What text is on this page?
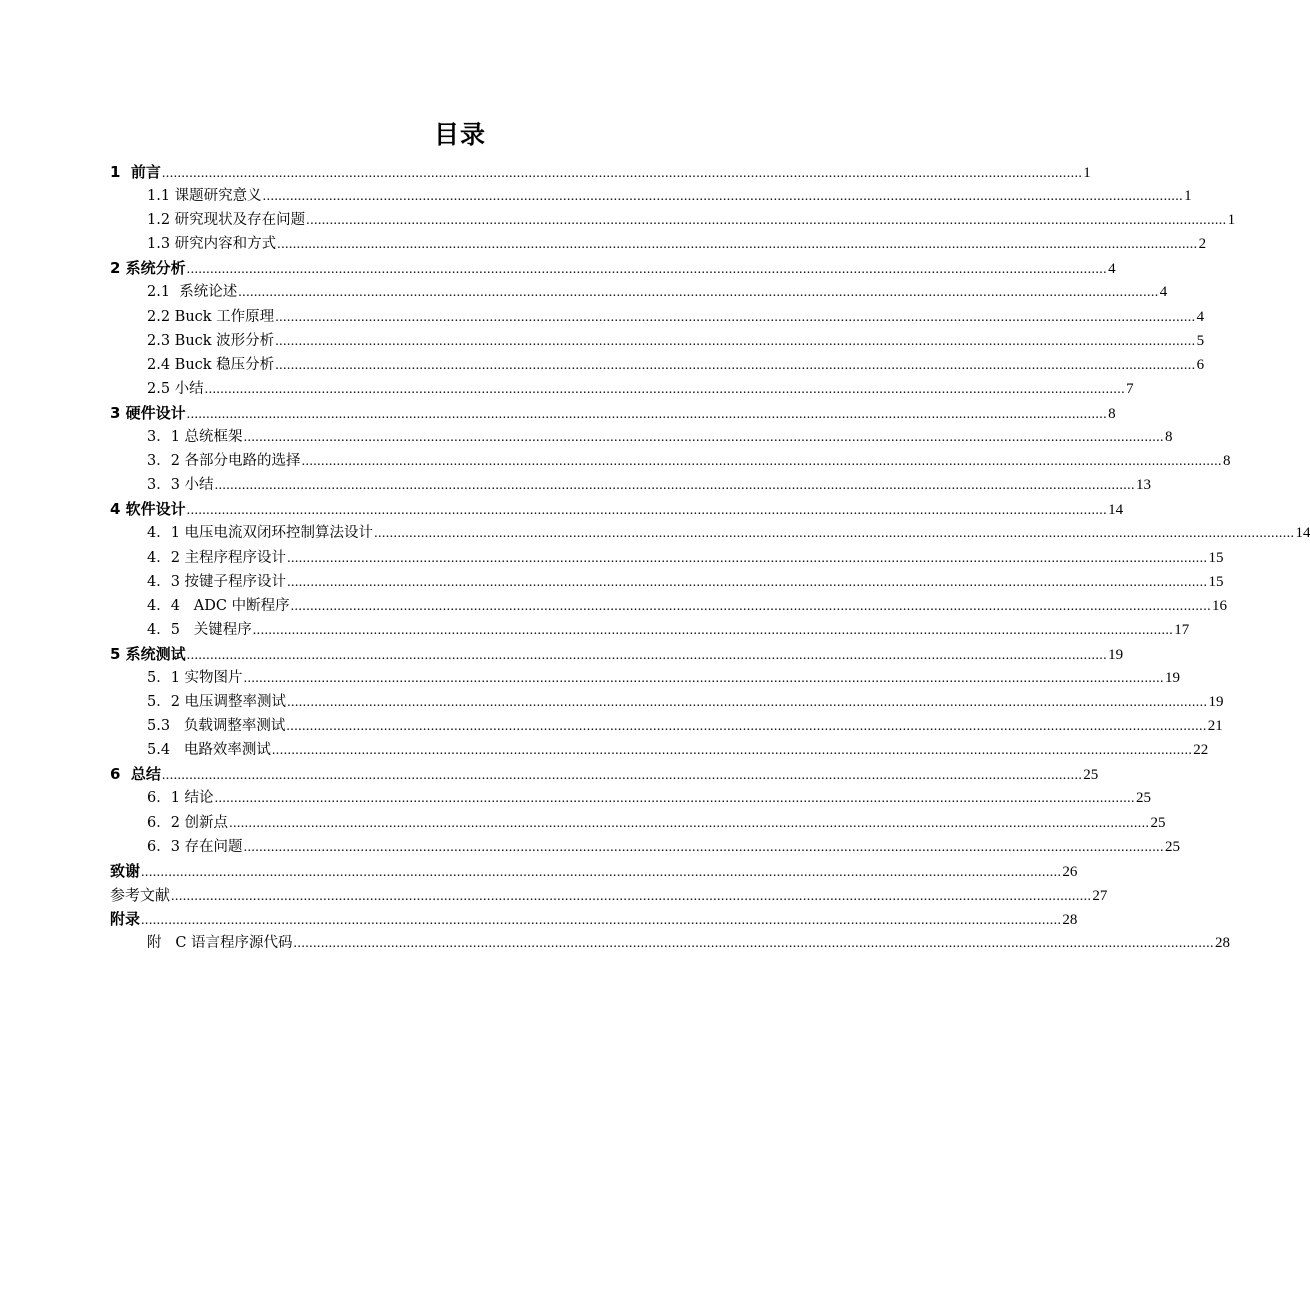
目录
1  前言 ............................................................................................................................................................................................................................................ 1
1.1 课题研究意义 ............................................................................................................................................................................................................................................ 1
1.2 研究现状及存在问题 ............................................................................................................................................................................................................................................ 1
1.3 研究内容和方式 ............................................................................................................................................................................................................................................ 2
2 系统分析 ............................................................................................................................................................................................................................................ 4
2.1  系统论述 ............................................................................................................................................................................................................................................ 4
2.2 Buck 工作原理 ............................................................................................................................................................................................................................................ 4
2.3 Buck 波形分析 ............................................................................................................................................................................................................................................ 5
2.4 Buck 稳压分析 ............................................................................................................................................................................................................................................ 6
2.5 小结 ............................................................................................................................................................................................................................................ 7
3 硬件设计 ............................................................................................................................................................................................................................................ 8
3．1 总统框架 ............................................................................................................................................................................................................................................ 8
3．2 各部分电路的选择 ............................................................................................................................................................................................................................................ 8
3．3 小结 ............................................................................................................................................................................................................................................ 13
4 软件设计 ............................................................................................................................................................................................................................................ 14
4．1 电压电流双闭环控制算法设计 ............................................................................................................................................................................................................................................ 14
4．2 主程序程序设计 ............................................................................................................................................................................................................................................ 15
4．3 按键子程序设计 ............................................................................................................................................................................................................................................ 15
4．4   ADC 中断程序 ............................................................................................................................................................................................................................................ 16
4．5   关键程序 ............................................................................................................................................................................................................................................ 17
5 系统测试 ............................................................................................................................................................................................................................................ 19
5．1 实物图片 ............................................................................................................................................................................................................................................ 19
5．2 电压调整率测试 ............................................................................................................................................................................................................................................ 19
5.3   负载调整率测试 ............................................................................................................................................................................................................................................ 21
5.4   电路效率测试 ............................................................................................................................................................................................................................................ 22
6  总结 ............................................................................................................................................................................................................................................ 25
6．1 结论 ............................................................................................................................................................................................................................................ 25
6．2 创新点 ............................................................................................................................................................................................................................................ 25
6．3 存在问题 ............................................................................................................................................................................................................................................ 25
致谢 ............................................................................................................................................................................................................................................ 26
参考文献 ............................................................................................................................................................................................................................................ 27
附录 ............................................................................................................................................................................................................................................ 28
附   C 语言程序源代码 ............................................................................................................................................................................................................................................ 28
